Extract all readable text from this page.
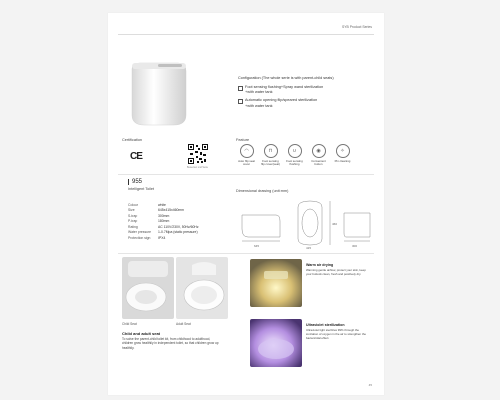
SYB Product Series
Configuration (The whole serie is with parent-child seats)
Foot sensing flushing+Spray wand sterilization
+with water tank
Automatic opening flip/speared sterilization
+with water tank
Certification
CE
Bewerten und Serie
Feature
◠
Auto flip seat cover
⊓
Foot sensing flip cover(seat)
∪
Foot sensing flushing
◉
Convenient button
✧
Pin cleaning
955
Intelligent Toilet
Colour	white
Size	645x415x460mm
S-trap	300mm
P-trap	180mm
Rating	AC 110V/230V, 50Hz/60Hz
Water pressure	1-0.7Mpa (static pressure)
Protection sign	IPX4
Dimensional drawing (unit:mm)
645	415
460
300
Child Seat	Adult Seat
Child and adult seat
To solve the parent-child toilet kit, from childhood to adulthood, children grow healthily in independent toilet, so that children grow up healthily.
Warm air drying
Warming gentle airflow, protect your skin, keep your buttock clean, fresh and positively dry.
Ultraviolet sterilization
Ultraviolet light sterilizes 99% through the ionization of oxygen in the air to strengthen the bactericidal effect.
45
